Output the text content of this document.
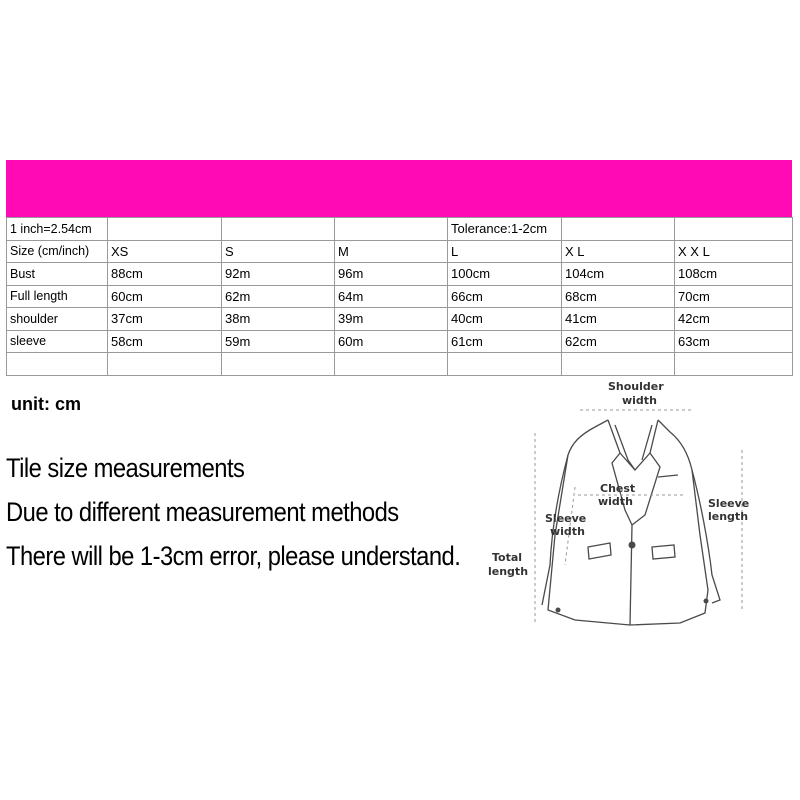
1 inch=2.54cm				Tolerance:1-2cm		
Size (cm/inch)	XS	S	M	L	X L	X X L
Bust	88cm	92m	96m	100cm	104cm	108cm
Full length	60cm	62m	64m	66cm	68cm	70cm
shoulder	37cm	38m	39m	40cm	41cm	42cm
sleeve	58cm	59m	60m	61cm	62cm	63cm

unit: cm
Tile size measurements
Due to different measurement methods
There will be 1-3cm error, please understand.
Shoulder
width
Chest
width
Sleeve
width
Sleeve
length
Total
length
